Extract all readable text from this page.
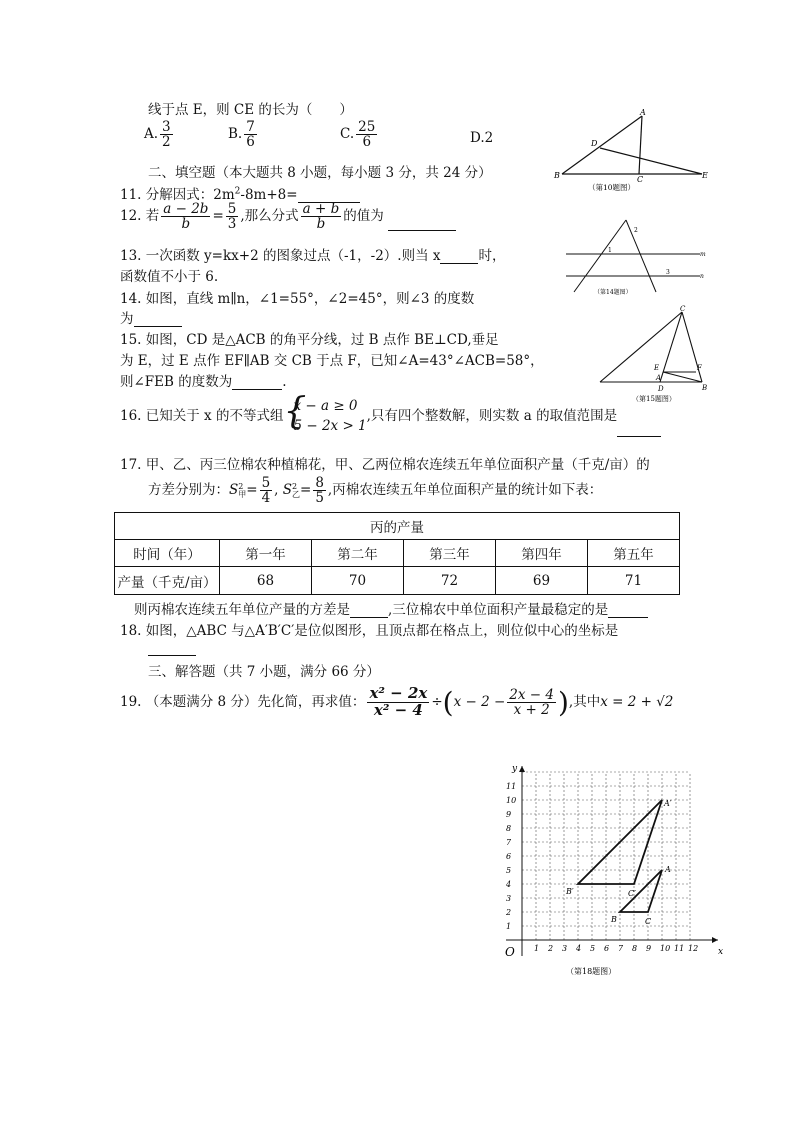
线于点 E，则 CE 的长为（　　）
A. $\frac{3}{2}$	B. $\frac{7}{6}$	C. $\frac{25}{6}$	D.2
A
D
B	C	E
（第10题图）
二、填空题（本大题共 8 小题，每小题 3 分，共 24 分）
11. 分解因式：$2m^2-8m+8=$
12. 若 $\frac{a - 2b}{b} = \frac{5}{3}$ ,那么分式 $\frac{a + b}{b}$ 的值为
13. 一次函数 y=kx+2 的图象过点（-1，-2）.则当 x	时，
函数值不小于 6.
14. 如图，直线 m∥n，∠1=55°，∠2=45°，则∠3 的度数
为
1
2
3
m
n
（第14题图）
15. 如图，CD 是△ACB 的角平分线，过 B 点作 BE⊥CD,垂足
为 E，过 E 点作 EF∥AB 交 CB 于点 F，已知∠A=43°∠ACB=58°，
则∠FEB 的度数为	.
C
E	F
A
D	B
（第15题图）
16. 已知关于 x 的不等式组 {
x − a ≥ 0
5 − 2x > 1
,只有四个整数解，则实数 a 的取值范围是
17. 甲、乙、丙三位棉农种植棉花，甲、乙两位棉农连续五年单位面积产量（千克/亩）的
方差分别为：S 2
甲 = $\frac{5}{4}$ , S 2
乙 = $\frac{8}{5}$ ,丙棉农连续五年单位面积产量的统计如下表：
丙的产量					
时间（年）	第一年	第二年	第三年	第四年	第五年
产量（千克/亩）	68	70	72	69	71
则丙棉农连续五年单位产量的方差是	,三位棉农中单位面积产量最稳定的是
18. 如图，△ABC 与△A′B′C′是位似图形，且顶点都在格点上，则位似中心的坐标是
三、解答题（共 7 小题，满分 66 分）
19. （本题满分 8 分）先化简，再求值： $\frac{\text{x² − 2x}}{\text{x² − 4}} \div(x - 2 - \frac{2x - 4}{x + 2}$ ),其中x = 2 + √2
1 2 3 4 5 6 7 8 9 10 11 12
1
2
3
4
5
6
7
8
9
10
11
y
x
O
A′
B′	C′
A
B	C
（第18题图）
